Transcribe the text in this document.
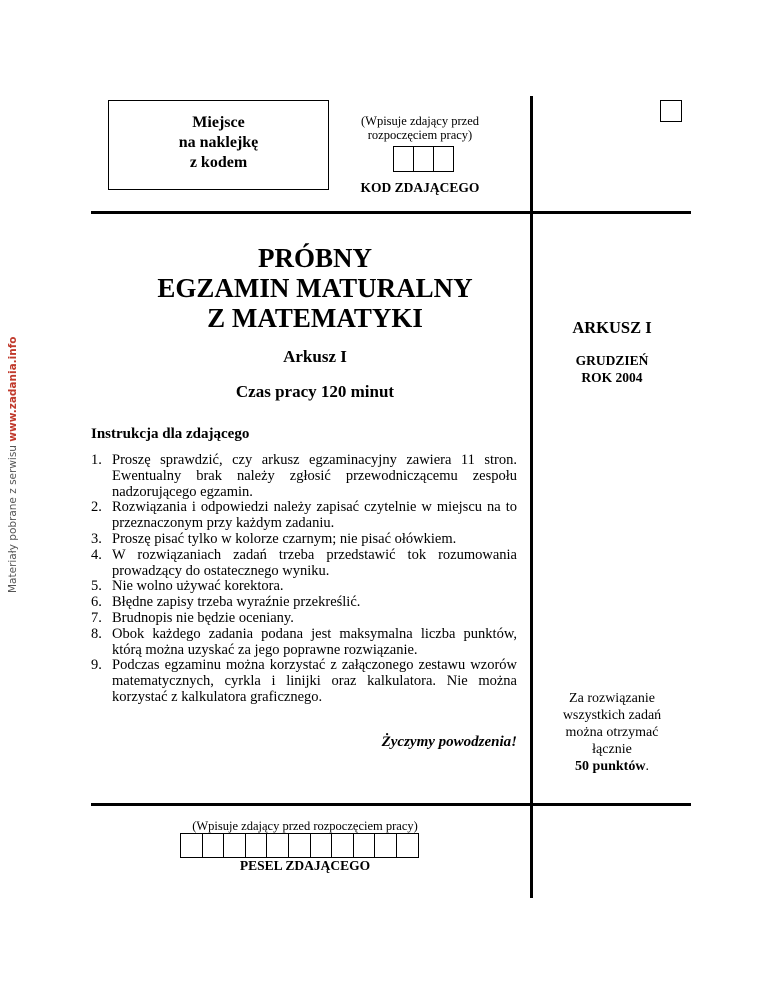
Materiały pobrane z serwisu www.zadania.info
Miejsce
na naklejkę
z kodem
(Wpisuje zdający przed
rozpoczęciem pracy)
KOD ZDAJĄCEGO
PRÓBNY
EGZAMIN MATURALNY
Z MATEMATYKI
Arkusz I
Czas pracy 120 minut
Instrukcja dla zdającego
1. Proszę sprawdzić, czy arkusz egzaminacyjny zawiera 11 stron. Ewentualny brak należy zgłosić przewodniczącemu zespołu nadzorującego egzamin.
2. Rozwiązania i odpowiedzi należy zapisać czytelnie w miejscu na to przeznaczonym przy każdym zadaniu.
3. Proszę pisać tylko w kolorze czarnym; nie pisać ołówkiem.
4. W rozwiązaniach zadań trzeba przedstawić tok rozumowania prowadzący do ostatecznego wyniku.
5. Nie wolno używać korektora.
6. Błędne zapisy trzeba wyraźnie przekreślić.
7. Brudnopis nie będzie oceniany.
8. Obok każdego zadania podana jest maksymalna liczba punktów, którą można uzyskać za jego poprawne rozwiązanie.
9. Podczas egzaminu można korzystać z załączonego zestawu wzorów matematycznych, cyrkla i linijki oraz kalkulatora. Nie można korzystać z kalkulatora graficznego.
Życzymy powodzenia!
ARKUSZ I
GRUDZIEŃ
ROK 2004
Za rozwiązanie
wszystkich zadań
można otrzymać
łącznie
50 punktów.
(Wpisuje zdający przed rozpoczęciem pracy)
PESEL ZDAJĄCEGO
